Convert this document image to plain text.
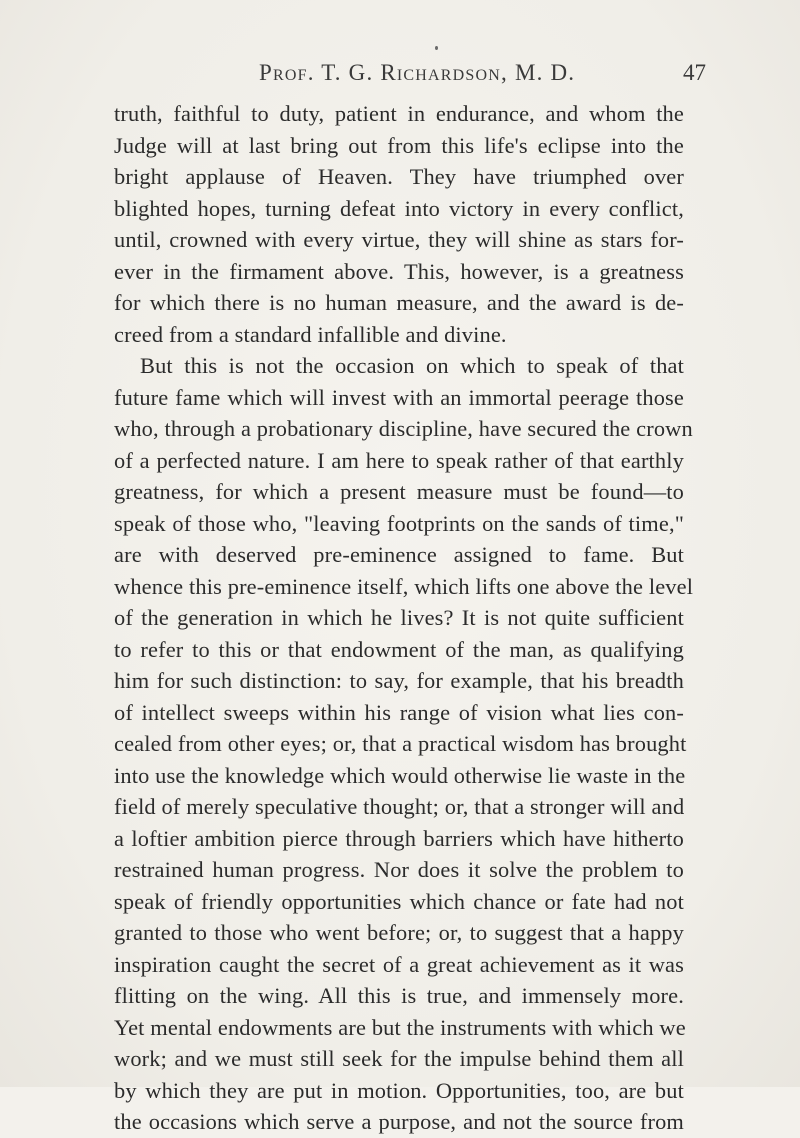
Prof. T. G. Richardson, M. D.	47
truth, faithful to duty, patient in endurance, and whom the
Judge will at last bring out from this life's eclipse into the
bright applause of Heaven. They have triumphed over
blighted hopes, turning defeat into victory in every conflict,
until, crowned with every virtue, they will shine as stars for-
ever in the firmament above. This, however, is a greatness
for which there is no human measure, and the award is de-
creed from a standard infallible and divine.
But this is not the occasion on which to speak of that
future fame which will invest with an immortal peerage those
who, through a probationary discipline, have secured the crown
of a perfected nature. I am here to speak rather of that earthly
greatness, for which a present measure must be found—to
speak of those who, "leaving footprints on the sands of time,"
are with deserved pre-eminence assigned to fame. But
whence this pre-eminence itself, which lifts one above the level
of the generation in which he lives? It is not quite sufficient
to refer to this or that endowment of the man, as qualifying
him for such distinction: to say, for example, that his breadth
of intellect sweeps within his range of vision what lies con-
cealed from other eyes; or, that a practical wisdom has brought
into use the knowledge which would otherwise lie waste in the
field of merely speculative thought; or, that a stronger will and
a loftier ambition pierce through barriers which have hitherto
restrained human progress. Nor does it solve the problem to
speak of friendly opportunities which chance or fate had not
granted to those who went before; or, to suggest that a happy
inspiration caught the secret of a great achievement as it was
flitting on the wing. All this is true, and immensely more.
Yet mental endowments are but the instruments with which we
work; and we must still seek for the impulse behind them all
by which they are put in motion. Opportunities, too, are but
the occasions which serve a purpose, and not the source from
